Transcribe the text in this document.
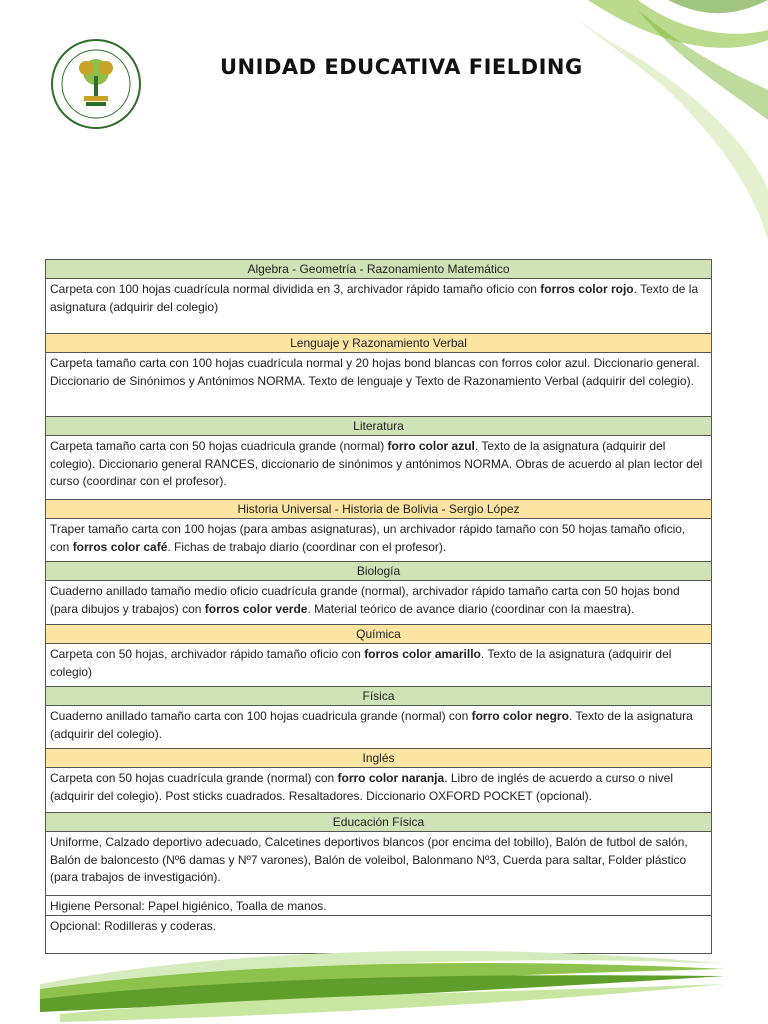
UNIDAD EDUCATIVA FIELDING
Algebra - Geometría - Razonamiento Matemático
Carpeta con 100 hojas cuadrícula normal dividida en 3, archivador rápido tamaño oficio con forros color rojo. Texto de la asignatura (adquirir del colegio)
Lenguaje y Razonamiento Verbal
Carpeta tamaño carta con 100 hojas cuadrícula normal y 20 hojas bond blancas con forros color azul. Diccionario general. Diccionario de Sinónimos y Antónimos NORMA. Texto de lenguaje y Texto de Razonamiento Verbal (adquirir del colegio).
Literatura
Carpeta tamaño carta con 50 hojas cuadricula grande (normal) forro color azul. Texto de la asignatura (adquirir del colegio). Diccionario general RANCES, diccionario de sinónimos y antónimos NORMA. Obras de acuerdo al plan lector del curso (coordinar con el profesor).
Historia Universal - Historia de Bolivia - Sergio López
Traper tamaño carta con 100 hojas (para ambas asignaturas), un archivador rápido tamaño con 50 hojas tamaño oficio, con forros color café. Fichas de trabajo diario (coordinar con el profesor).
Biología
Cuaderno anillado tamaño medio oficio cuadrícula grande (normal), archivador rápido tamaño carta con 50 hojas bond (para dibujos y trabajos) con forros color verde. Material teórico de avance diario (coordinar con la maestra).
Química
Carpeta con 50 hojas, archivador rápido tamaño oficio con forros color amarillo. Texto de la asignatura (adquirir del colegio)
Física
Cuaderno anillado tamaño carta con 100 hojas cuadricula grande (normal) con forro color negro. Texto de la asignatura (adquirir del colegio).
Inglés
Carpeta con 50 hojas cuadrícula grande (normal) con forro color naranja. Libro de inglés de acuerdo a curso o nivel (adquirir del colegio). Post sticks cuadrados. Resaltadores. Diccionario OXFORD POCKET (opcional).
Educación Física
Uniforme, Calzado deportivo adecuado, Calcetines deportivos blancos (por encima del tobillo), Balón de futbol de salón, Balón de baloncesto (Nº6 damas y Nº7 varones), Balón de voleibol, Balonmano Nº3, Cuerda para saltar, Folder plástico (para trabajos de investigación).
Higiene Personal: Papel higiénico, Toalla de manos.
Opcional: Rodilleras y coderas.
